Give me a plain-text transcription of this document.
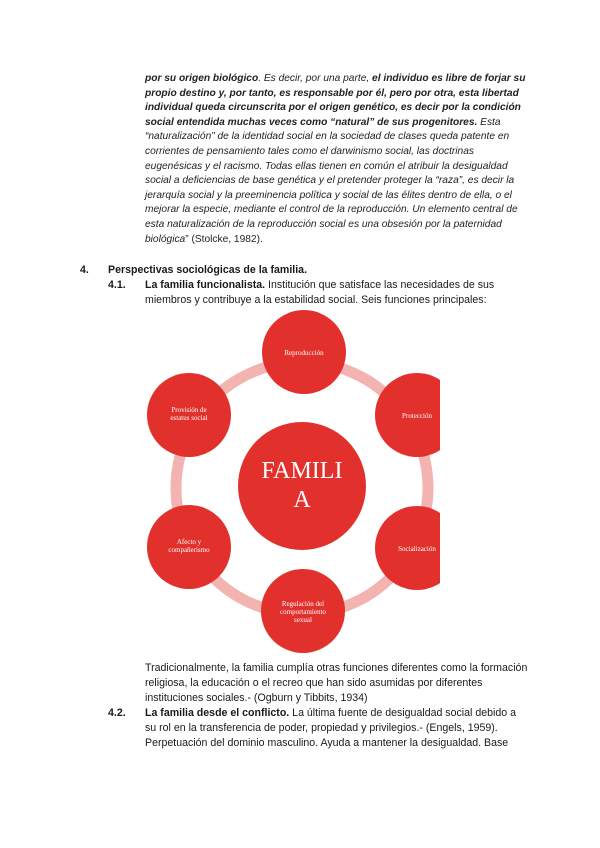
por su origen biológico. Es decir, por una parte, el individuo es libre de forjar su propio destino y, por tanto, es responsable por él, pero por otra, esta libertad individual queda circunscrita por el origen genético, es decir por la condición social entendida muchas veces como “natural” de sus progenitores. Esta “naturalización” de la identidad social en la sociedad de clases queda patente en corrientes de pensamiento tales como el darwinismo social, las doctrinas eugenésicas y el racismo. Todas ellas tienen en común el atribuir la desigualdad social a deficiencias de base genética y el pretender proteger la “raza”, es decir la jerarquía social y la preeminencia política y social de las élites dentro de ella, o el mejorar la especie, mediante el control de la reproducción. Un elemento central de esta naturalización de la reproducción social es una obsesión por la paternidad biológica” (Stolcke, 1982).
4. Perspectivas sociológicas de la familia.
4.1. La familia funcionalista. Institución que satisface las necesidades de sus miembros y contribuye a la estabilidad social. Seis funciones principales:
FAMILI
A
Reproducción
Protección
Socialización
Regulación del
comportamiento
sexual
Afecto y
compañerismo
Provisión de
estatus social
Tradicionalmente, la familia cumplía otras funciones diferentes como la formación religiosa, la educación o el recreo que han sido asumidas por diferentes instituciones sociales.- (Ogburn y Tibbits, 1934)
4.2. La familia desde el conflicto. La última fuente de desigualdad social debido a su rol en la transferencia de poder, propiedad y privilegios.- (Engels, 1959). Perpetuación del dominio masculino. Ayuda a mantener la desigualdad. Base
